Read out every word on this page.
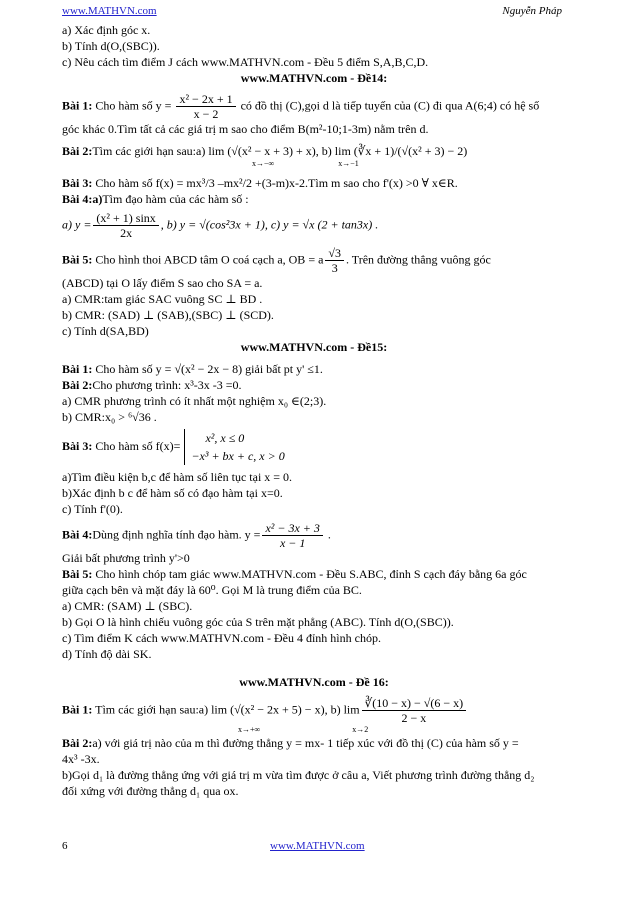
www.MATHVN.com	Nguyễn Pháp

a) Xác định góc x.

b) Tính d(O,(SBC)).

c) Nêu cách tìm điểm J cách www.MATHVN.com - Đều 5 điểm S,A,B,C,D.

www.MATHVN.com - Đề14:

Bài 1: Cho hàm số $y = \frac{\text{x² − 2x + 1}}{x - 2}$ có đồ thị (C),gọi d là tiếp tuyến của (C) đi qua A(6;4) có hệ số

góc khác 0.Tìm tất cả các giá trị m sao cho điểm B(m²-10;1-3m) nằm trên d.

Bài 2:Tìm các giới hạn sau:a) lim (√(x² − x + 3) + x), b) lim (∛x + 1)/(√(x² + 3) − 2)

x→−∞	x→−1

Bài 3: Cho hàm số f(x) = mx³/3 –mx²/2 +(3-m)x-2.Tìm m sao cho f'(x) >0 ∀ x∈R.

Bài 4:a)Tìm đạo hàm của các hàm số :

a) $y = \frac{\text{(x² + 1) sinx}}{2x}$ , b) y = √(cos²3x + 1), c) y = √x (2 + tan3x) .

Bài 5: Cho hình thoi ABCD tâm O coá cạch a, OB = a $\frac{√3}{3}$ . Trên đường thẳng vuông góc

(ABCD) tại O lấy điểm S sao cho SA = a.

a) CMR:tam giác SAC vuông SC ⊥ BD .

b) CMR: (SAD) ⊥ (SAB),(SBC) ⊥ (SCD).

c) Tính d(SA,BD)

www.MATHVN.com - Đề15:

Bài 1: Cho hàm số y = √(x² − 2x − 8) giải bất pt y' ≤1.

Bài 2:Cho phương trình: x³-3x -3 =0.

a) CMR phương trình có ít nhất một nghiệm x₀ ∈(2;3).

b) CMR:x₀ > ⁶√36 .

Bài 3: Cho hàm số f(x)=
x², x ≤ 0
−x³ + bx + c, x > 0

a)Tìm điều kiện b,c để hàm số liên tục tại x = 0.

b)Xác định b c để hàm số có đạo hàm tại x=0.

c) Tính f'(0).

Bài 4:Dùng định nghĩa tính đạo hàm. $y = \frac{\text{x² − 3x + 3}}{x - 1}$ .

Giải bất phương trình y'>0

Bài 5: Cho hình chóp tam giác www.MATHVN.com - Đều S.ABC, đỉnh S cạch đáy bằng 6a góc

giữa cạch bên và mặt đáy là 60⁰. Gọi M là trung điểm của BC.

a) CMR: (SAM) ⊥ (SBC).

b) Gọi O là hình chiếu vuông góc của S trên mặt phẳng (ABC). Tính d(O,(SBC)).

c) Tìm điểm K cách www.MATHVN.com - Đều 4 đỉnh hình chóp.

d) Tính độ dài SK.

www.MATHVN.com - Đề 16:

Bài 1: Tìm các giới hạn sau:a) lim (√(x² − 2x + 5) − x), b) $\lim \frac{∛(10 - x) - √(6 - x)}{2 - x}$

x→+∞	x→2

Bài 2:a) với giá trị nào của m thì đường thẳng y = mx- 1 tiếp xúc với đồ thị (C) của hàm số y =

4x³ -3x.

b)Gọi d₁ là đường thẳng ứng với giá trị m vừa tìm được ở câu a, Viết phương trình đường thẳng d₂

đối xứng với đường thẳng d₁ qua ox.

6	www.MATHVN.com
